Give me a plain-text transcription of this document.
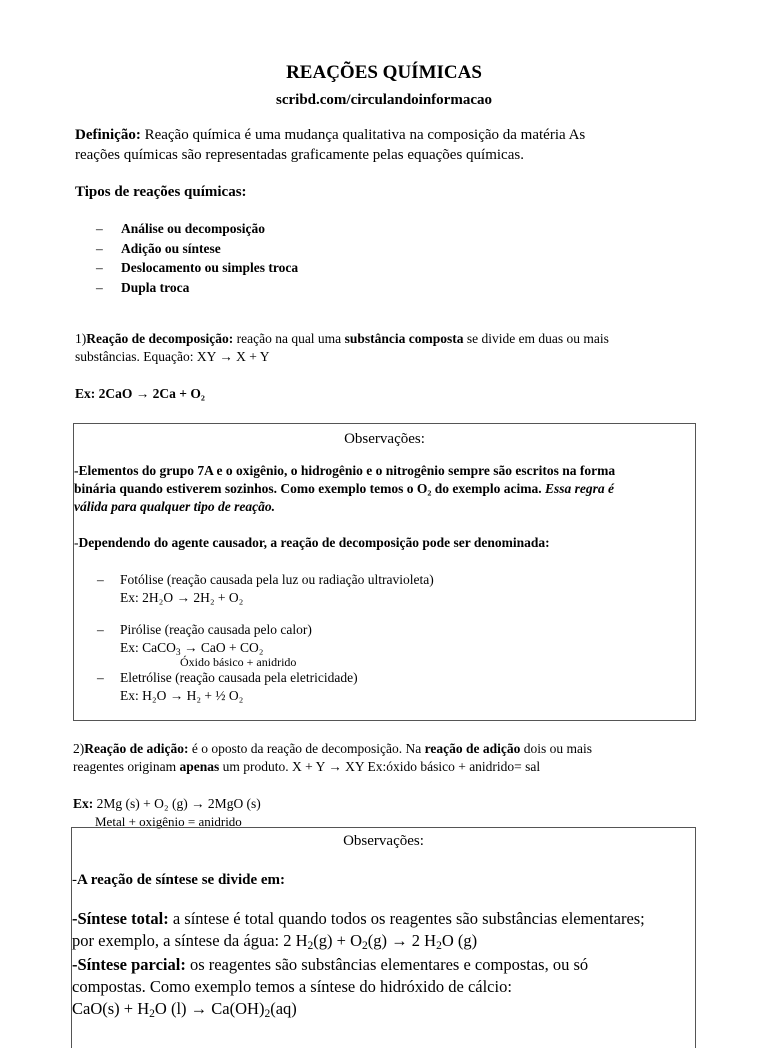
REAÇÕES QUÍMICAS
scribd.com/circulandoinformacao
Definição: Reação química é uma mudança qualitativa na composição da matéria As
reações químicas são representadas graficamente pelas equações químicas.
Tipos de reações químicas:
– Análise ou decomposição
– Adição ou síntese
– Deslocamento ou simples troca
– Dupla troca
1)Reação de decomposição: reação na qual uma substância composta se divide em duas ou mais
substâncias. Equação: XY → X + Y
Ex: 2CaO → 2Ca + O₂
Observações:
-Elementos do grupo 7A e o oxigênio, o hidrogênio e o nitrogênio sempre são escritos na forma
binária quando estiverem sozinhos. Como exemplo temos o O₂ do exemplo acima. Essa regra é
válida para qualquer tipo de reação.
-Dependendo do agente causador, a reação de decomposição pode ser denominada:
– Fotólise (reação causada pela luz ou radiação ultravioleta)
Ex: 2H₂O → 2H₂ + O₂
– Pirólise (reação causada pelo calor)
Ex: CaCO$_3$ → CaO + CO₂
Óxido básico + anidrido
– Eletrólise (reação causada pela eletricidade)
Ex: H₂O → H₂ + ½ O₂
2)Reação de adição: é o oposto da reação de decomposição. Na reação de adição dois ou mais
reagentes originam apenas um produto. X + Y → XY Ex:óxido básico + anidrido= sal
Ex: 2Mg (s) + O₂ (g) → 2MgO (s)
Metal + oxigênio = anidrido
Observações:
-A reação de síntese se divide em:
-Síntese total: a síntese é total quando todos os reagentes são substâncias elementares;
por exemplo, a síntese da água: 2 $H_2(g) + O_2(g) \to 2$ $H_2O$ (g)
-Síntese parcial: os reagentes são substâncias elementares e compostas, ou só
compostas. Como exemplo temos a síntese do hidróxido de cálcio:
$CaO(s) + H_2O$ $(l) \to Ca(OH)_2(aq)$
